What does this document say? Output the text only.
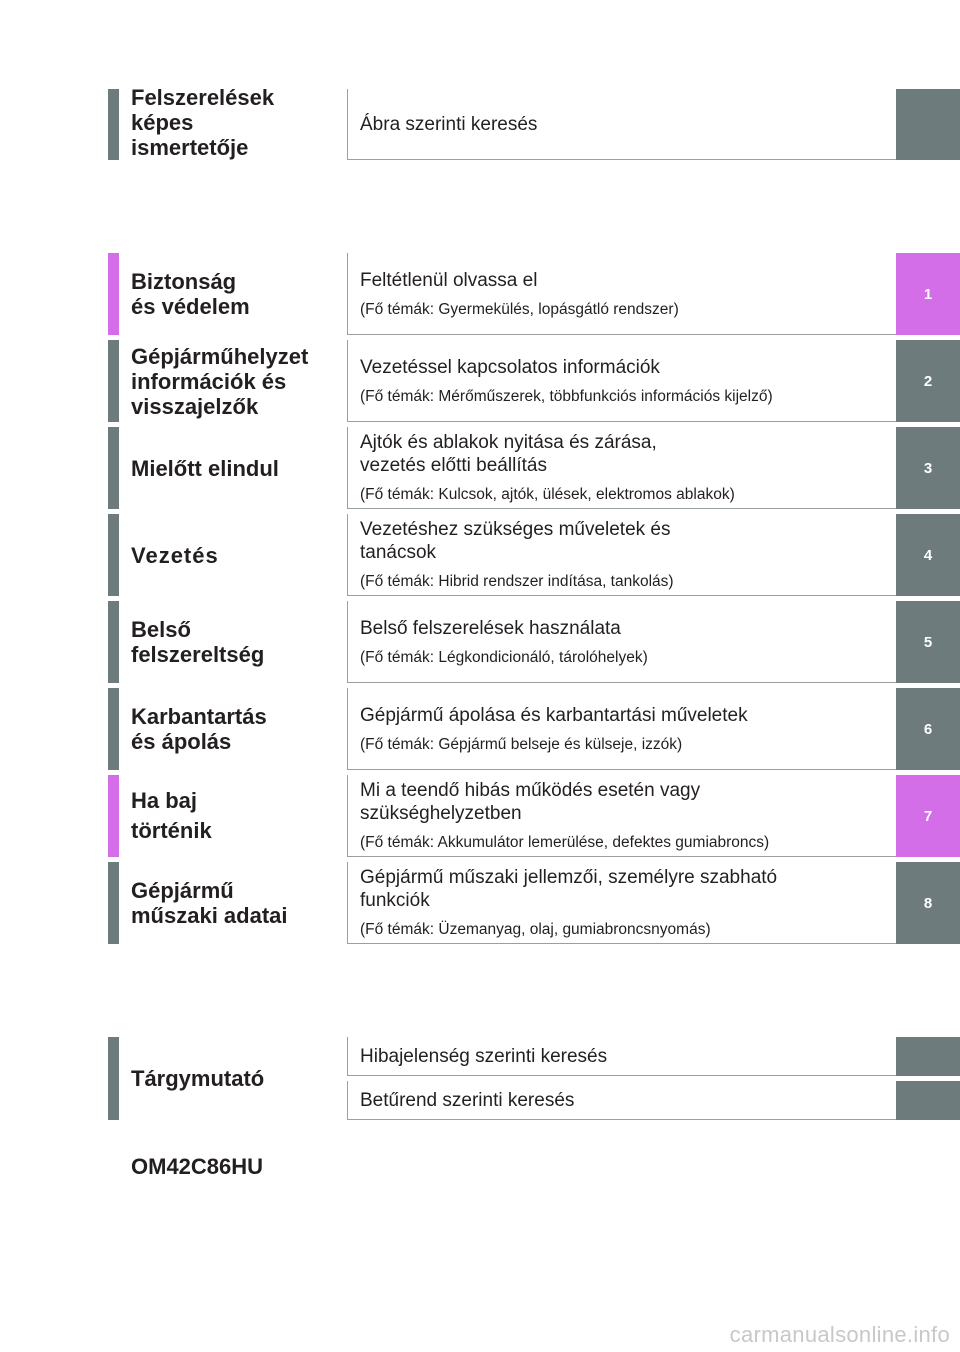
Felszerelések
képes
ismertetője
Ábra szerinti keresés
Biztonság
és védelem
Feltétlenül olvassa el
(Fő témák: Gyermekülés, lopásgátló rendszer)
1
Gépjárműhelyzet
információk és
visszajelzők
Vezetéssel kapcsolatos információk
(Fő témák: Mérőműszerek, többfunkciós információs kijelző)
2
Mielőtt elindul
Ajtók és ablakok nyitása és zárása,
vezetés előtti beállítás
(Fő témák: Kulcsok, ajtók, ülések, elektromos ablakok)
3
Vezetés
Vezetéshez szükséges műveletek és
tanácsok
(Fő témák: Hibrid rendszer indítása, tankolás)
4
Belső
felszereltség
Belső felszerelések használata
(Fő témák: Légkondicionáló, tárolóhelyek)
5
Karbantartás
és ápolás
Gépjármű ápolása és karbantartási műveletek
(Fő témák: Gépjármű belseje és külseje, izzók)
6
Ha baj
történik
Mi a teendő hibás működés esetén vagy
szükséghelyzetben
(Fő témák: Akkumulátor lemerülése, defektes gumiabroncs)
7
Gépjármű
műszaki adatai
Gépjármű műszaki jellemzői, személyre szabható
funkciók
(Fő témák: Üzemanyag, olaj, gumiabroncsnyomás)
8
Tárgymutató
Hibajelenség szerinti keresés
Betűrend szerinti keresés
OM42C86HU
carmanualsonline.info
